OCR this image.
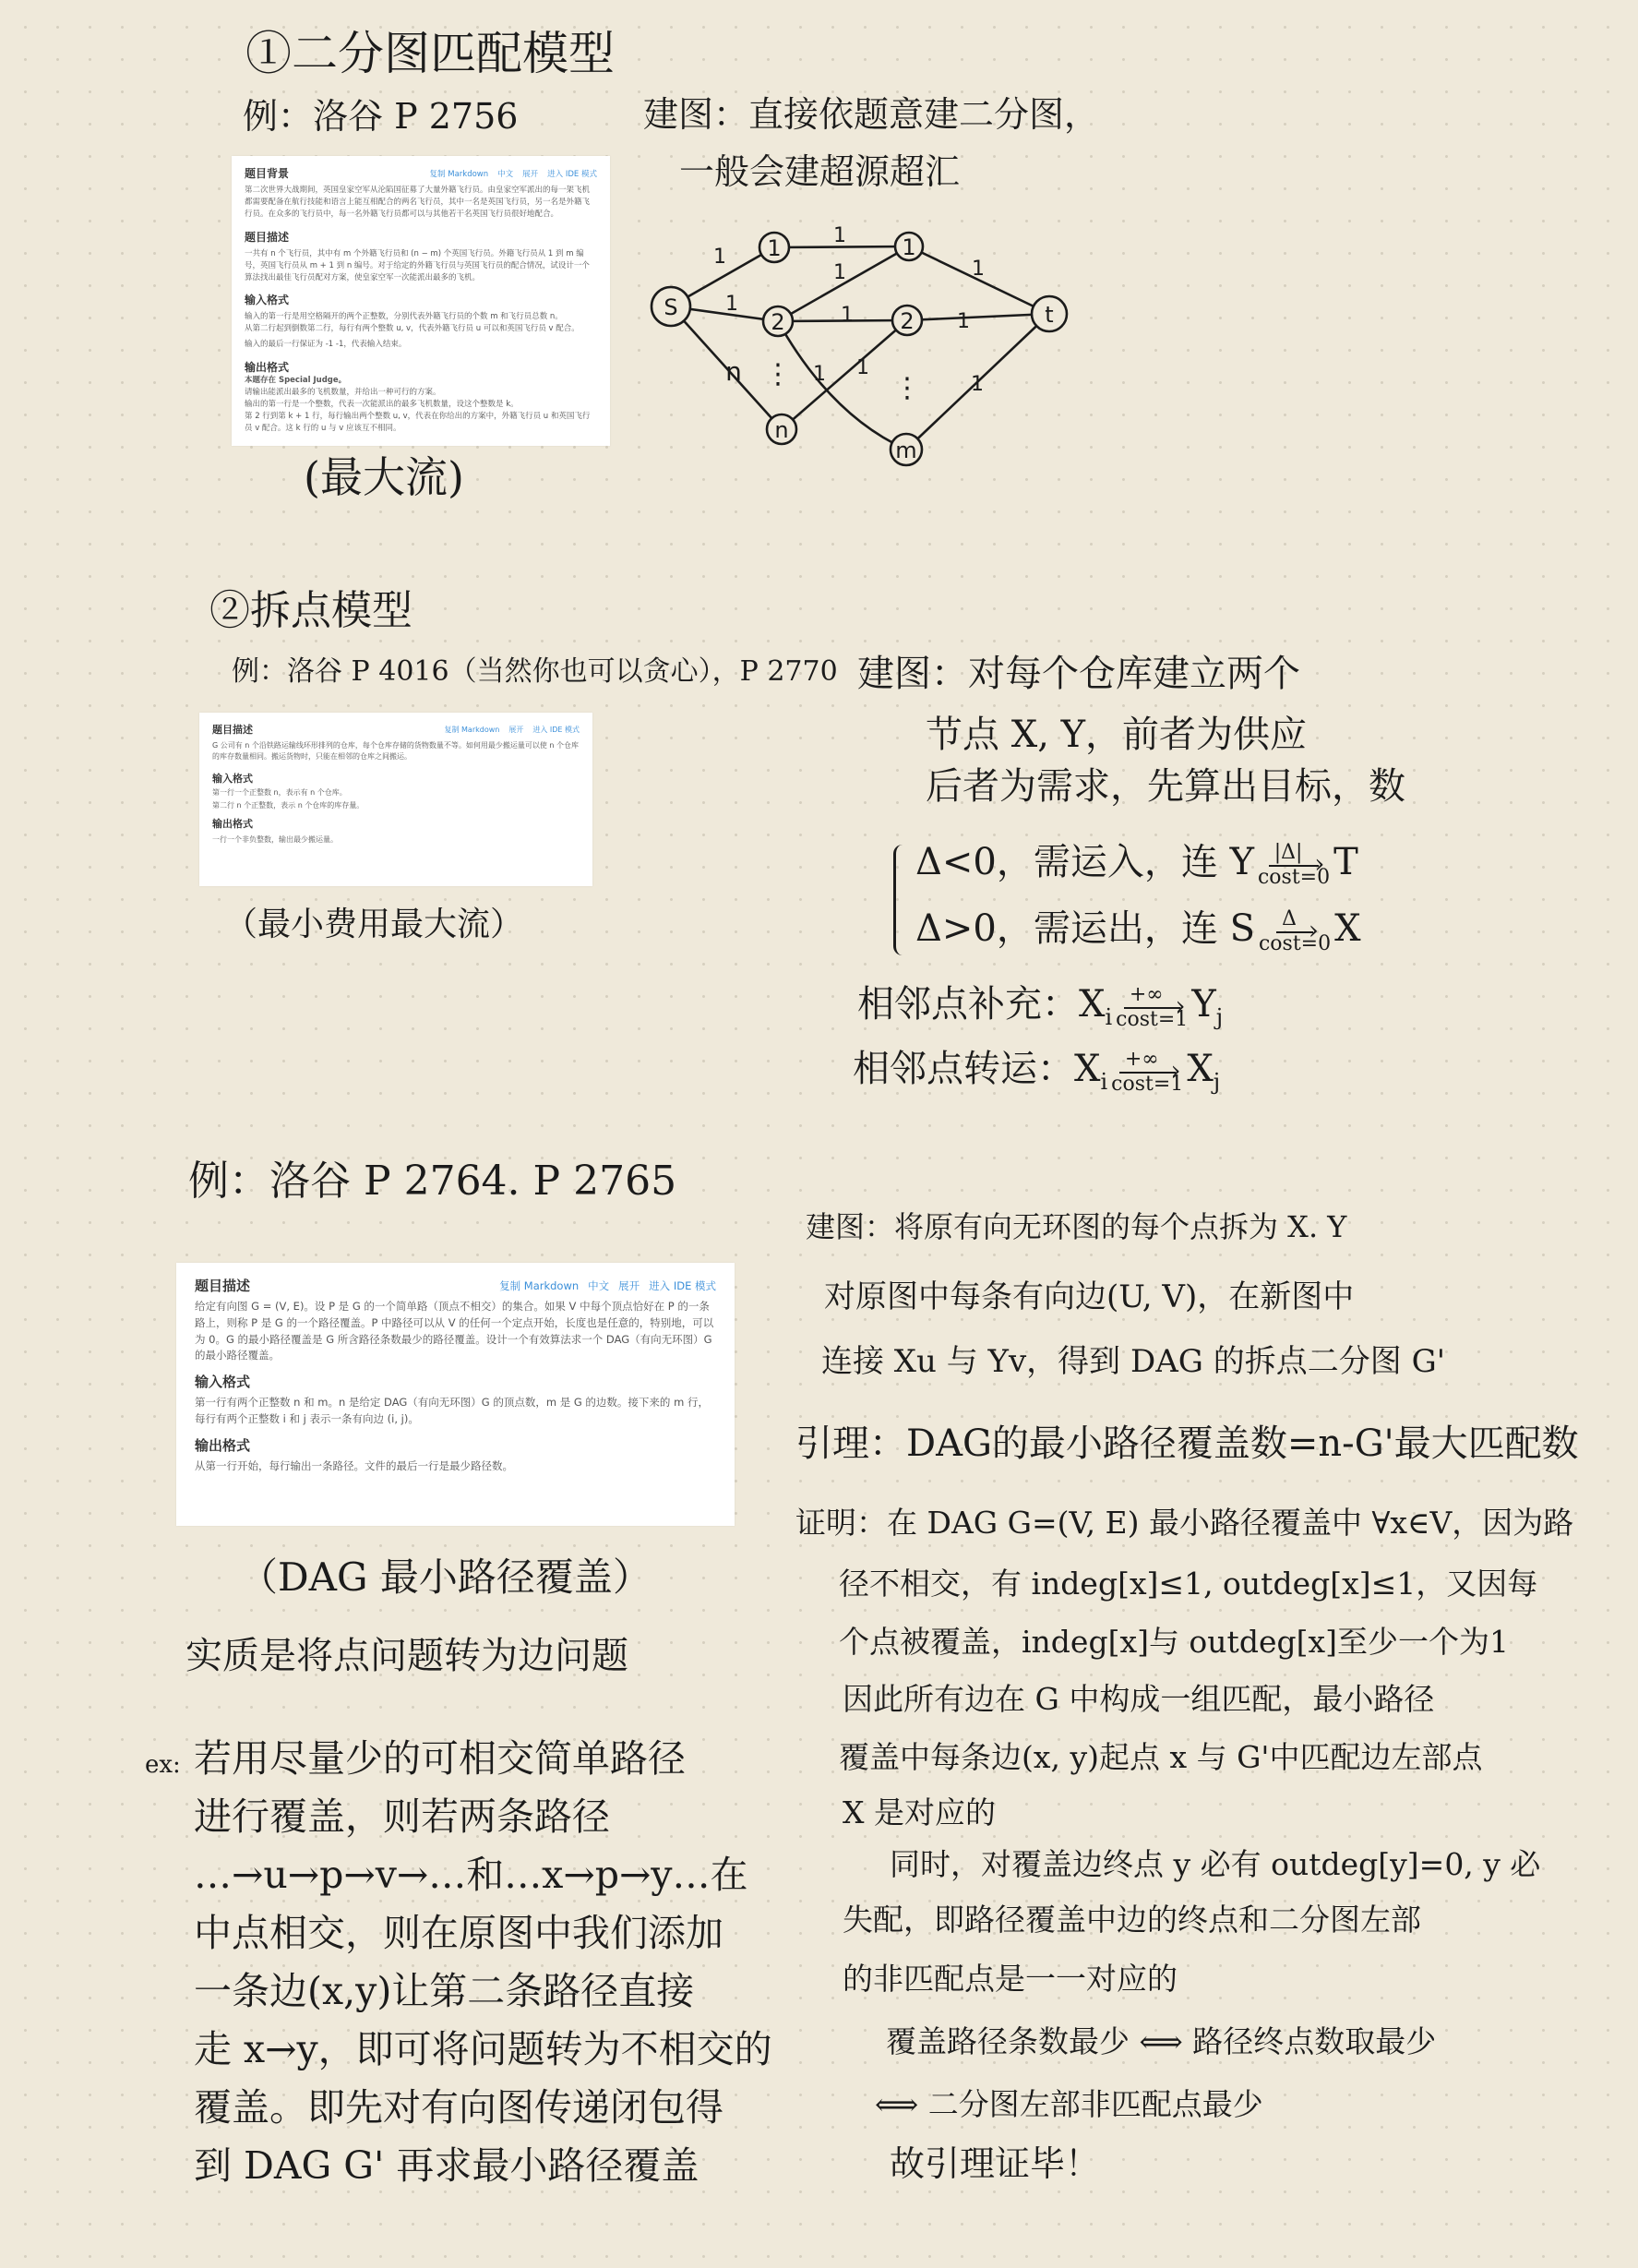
①二分图匹配模型
例：洛谷 P 2756	建图：直接依题意建二分图，
一般会建超源超汇
题目背景	复制 Markdown 中文 展开 进入 IDE 模式

第二次世界大战期间，英国皇家空军从沦陷国征募了大量外籍飞行员。由皇家空军派出的每一架飞机都需要配备在航行技能和语言上能互相配合的两名飞行员，其中一名是英国飞行员，另一名是外籍飞行员。在众多的飞行员中，每一名外籍飞行员都可以与其他若干名英国飞行员很好地配合。

题目描述

一共有 n 个飞行员，其中有 m 个外籍飞行员和 (n − m) 个英国飞行员。外籍飞行员从 1 到 m 编号，英国飞行员从 m + 1 到 n 编号。对于给定的外籍飞行员与英国飞行员的配合情况，试设计一个算法找出最佳飞行员配对方案，使皇家空军一次能派出最多的飞机。

输入格式

输入的第一行是用空格隔开的两个正整数，分别代表外籍飞行员的个数 m 和飞行员总数 n。

从第二行起到倒数第二行，每行有两个整数 u, v，代表外籍飞行员 u 可以和英国飞行员 v 配合。

输入的最后一行保证为 -1 -1，代表输入结束。

输出格式

本题存在 Special Judge。

请输出能派出最多的飞机数量，并给出一种可行的方案。

输出的第一行是一个整数，代表一次能派出的最多飞机数量，设这个整数是 k。

第 2 行到第 k + 1 行，每行输出两个整数 u, v，代表在你给出的方案中，外籍飞行员 u 和英国飞行员 v 配合。这 k 行的 u 与 v 应该互不相同。

(最大流)
S
1
2
n
1
2
m
t
1
1
n
1
1
1
1 1
1
1
1
⋮	⋮
②拆点模型
例：洛谷 P 4016（当然你也可以贪心），P 2770
题目描述	复制 Markdown 展开 进入 IDE 模式

G 公司有 n 个沿铁路运输线环形排列的仓库，每个仓库存储的货物数量不等。如何用最少搬运量可以使 n 个仓库的库存数量相同。搬运货物时，只能在相邻的仓库之间搬运。

输入格式

第一行一个正整数 n，表示有 n 个仓库。

第二行 n 个正整数，表示 n 个仓库的库存量。

输出格式

一行一个非负整数，输出最少搬运量。

（最小费用最大流）
建图：对每个仓库建立两个
节点 X, Y，前者为供应
后者为需求，先算出目标，数
Δ<0，需运入，连 Y $\frac{|\Delta| ›}{\cos t=0}$ T
Δ>0，需运出，连 S $\frac{\Delta ›}{\cos t=0}$ X
相邻点补充：$X_i \frac{+\infty ›}{\cos t=1} Y_j$
相邻点转运：$X_i \frac{+\infty ›}{\cos t=1} X_j$
例：洛谷 P 2764. P 2765
题目描述	复制 Markdown 中文 展开 进入 IDE 模式

给定有向图 G = (V, E)。设 P 是 G 的一个简单路（顶点不相交）的集合。如果 V 中每个顶点恰好在 P 的一条路上，则称 P 是 G 的一个路径覆盖。P 中路径可以从 V 的任何一个定点开始，长度也是任意的，特别地，可以为 0。G 的最小路径覆盖是 G 所含路径条数最少的路径覆盖。设计一个有效算法求一个 DAG（有向无环图）G 的最小路径覆盖。

输入格式

第一行有两个正整数 n 和 m。n 是给定 DAG（有向无环图）G 的顶点数，m 是 G 的边数。接下来的 m 行，每行有两个正整数 i 和 j 表示一条有向边 (i, j)。

输出格式

从第一行开始，每行输出一条路径。文件的最后一行是最少路径数。

（DAG 最小路径覆盖）
实质是将点问题转为边问题
ex: 若用尽量少的可相交简单路径
进行覆盖，则若两条路径
…→u→p→v→…和…x→p→y…在
中点相交，则在原图中我们添加
一条边(x,y)让第二条路径直接
走 x→y，即可将问题转为不相交的
覆盖。即先对有向图传递闭包得
到 DAG G' 再求最小路径覆盖
建图：将原有向无环图的每个点拆为 X. Y
对原图中每条有向边(U, V)，在新图中
连接 Xu 与 Yv，得到 DAG 的拆点二分图 G'
引理：DAG的最小路径覆盖数=n-G'最大匹配数
证明：在 DAG G=(V, E) 最小路径覆盖中 ∀x∈V，因为路
径不相交，有 indeg[x]≤1, outdeg[x]≤1，又因每
个点被覆盖，indeg[x]与 outdeg[x]至少一个为1
因此所有边在 G 中构成一组匹配，最小路径
覆盖中每条边(x, y)起点 x 与 G'中匹配边左部点
X 是对应的
同时，对覆盖边终点 y 必有 outdeg[y]=0, y 必
失配，即路径覆盖中边的终点和二分图左部
的非匹配点是一一对应的
覆盖路径条数最少 ⟺ 路径终点数取最少
⟺ 二分图左部非匹配点最少
故引理证毕！
